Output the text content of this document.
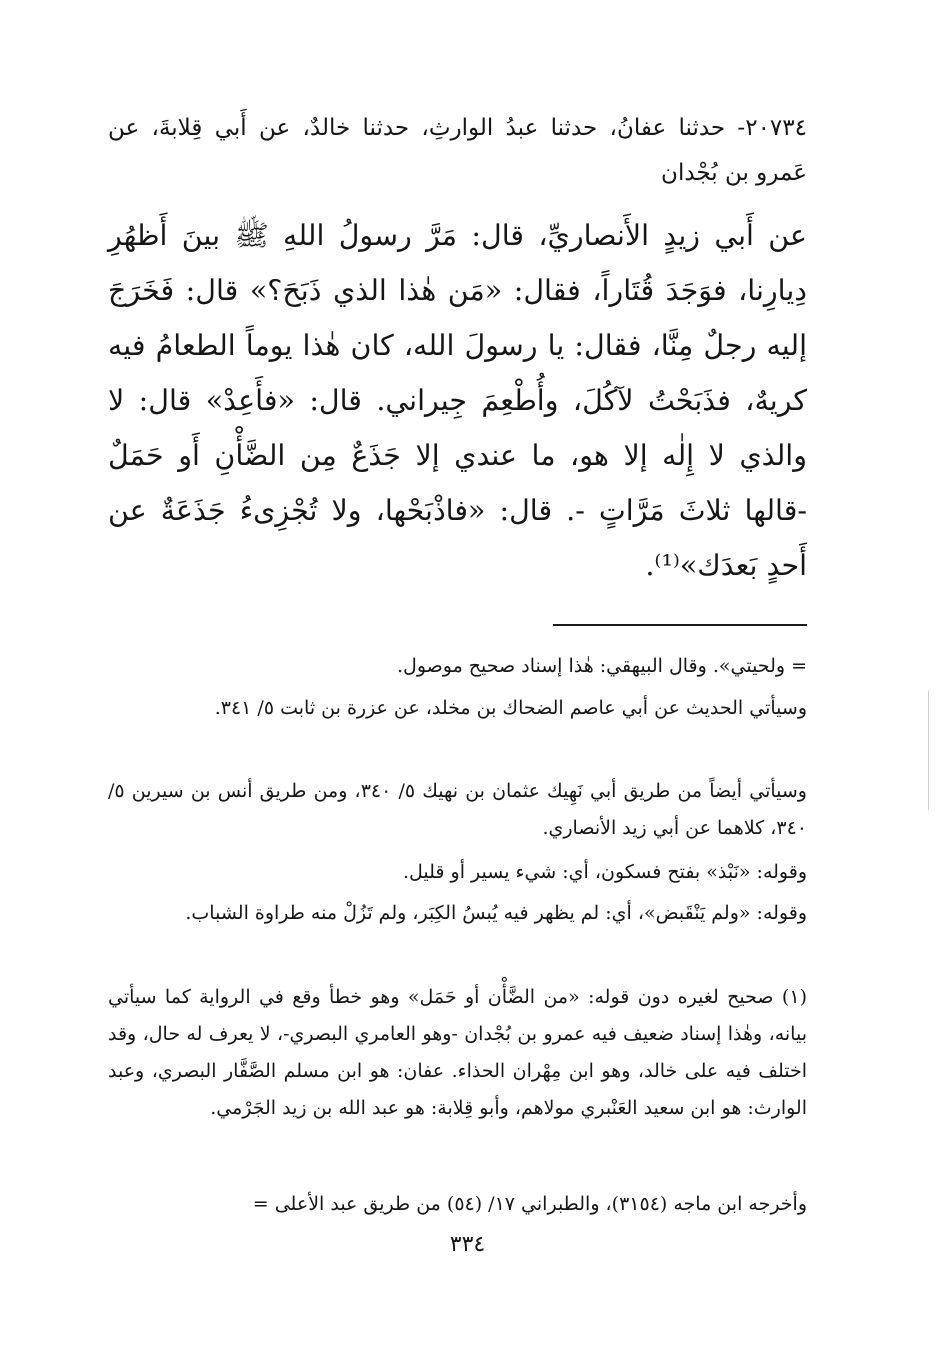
٢٠٧٣٤- حدثنا عفانُ، حدثنا عبدُ الوارثِ، حدثنا خالدٌ، عن أَبي قِلابةَ، عن عَمرو بن بُجْدان
عن أَبي زيدٍ الأَنصاريِّ، قال: مَرَّ رسولُ اللهِ ﷺ بينَ أَظهُرِ دِيارِنا، فوَجَدَ قُتَاراً، فقال: «مَن هٰذا الذي ذَبَحَ؟» قال: فَخَرَجَ إليه رجلٌ مِنَّا، فقال: يا رسولَ الله، كان هٰذا يوماً الطعامُ فيه كريهٌ، فذَبَحْتُ لآكُلَ، وأُطْعِمَ جِيراني. قال: «فأَعِدْ» قال: لا والذي لا إِلٰه إلا هو، ما عندي إلا جَذَعٌ مِن الضَّأْنِ أَو حَمَلٌ -قالها ثلاثَ مَرَّاتٍ -. قال: «فاذْبَحْها، ولا تُجْزِىءُ جَذَعَةٌ عن أَحدٍ بَعدَك»⁽¹⁾.
= ولحيتي». وقال البيهقي: هٰذا إسناد صحيح موصول.
وسيأتي الحديث عن أبي عاصم الضحاك بن مخلد، عن عزرة بن ثابت ٥/ ٣٤١.
وسيأتي أيضاً من طريق أبي نَهِيك عثمان بن نهيك ٥/ ٣٤٠، ومن طريق أنس بن سيرين ٥/ ٣٤٠، كلاهما عن أبي زيد الأنصاري.
وقوله: «نَبْذ» بفتح فسكون، أي: شيء يسير أو قليل.
وقوله: «ولم يَنْقَبض»، أي: لم يظهر فيه يُبسُ الكِبَر، ولم تَزُلْ منه طراوة الشباب.
(١) صحيح لغيره دون قوله: «من الضَّأْن أو حَمَل» وهو خطأ وقع في الرواية كما سيأتي بيانه، وهٰذا إسناد ضعيف فيه عمرو بن بُجْدان -وهو العامري البصري-، لا يعرف له حال، وقد اختلف فيه على خالد، وهو ابن مِهْران الحذاء. عفان: هو ابن مسلم الصَّفَّار البصري، وعبد الوارث: هو ابن سعيد العَنْبري مولاهم، وأبو قِلابة: هو عبد الله بن زيد الجَرْمي.
وأخرجه ابن ماجه (٣١٥٤)، والطبراني ١٧/ (٥٤) من طريق عبد الأعلى =
٣٣٤
